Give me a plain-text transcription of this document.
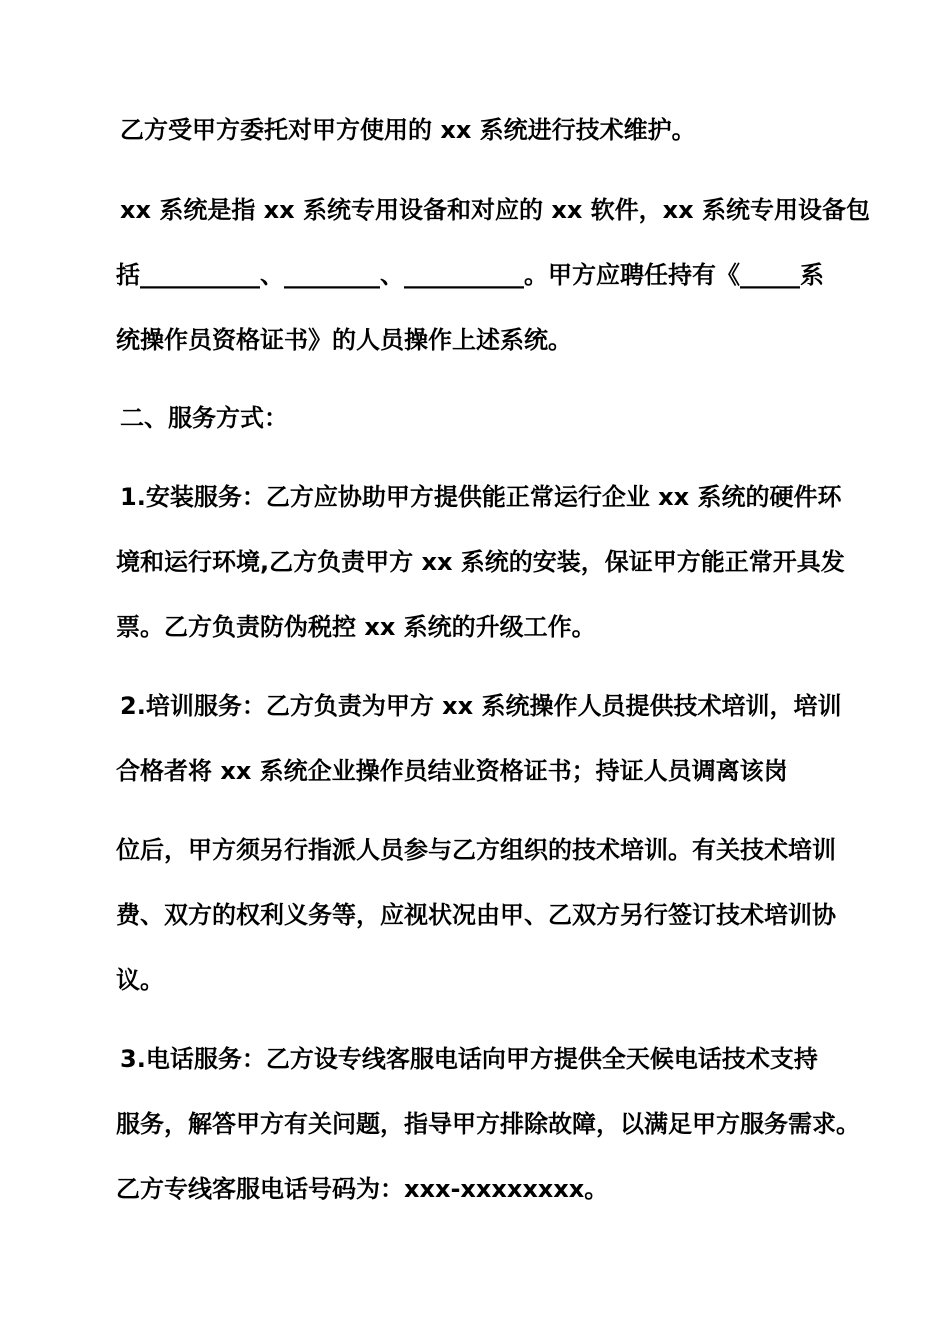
乙方受甲方委托对甲方使用的 xx 系统进行技术维护。
xx 系统是指 xx 系统专用设备和对应的 xx 软件，xx 系统专用设备包
括__________、________、__________。甲方应聘任持有《_____系
统操作员资格证书》的人员操作上述系统。
二、服务方式：
1.安装服务：乙方应协助甲方提供能正常运行企业 xx 系统的硬件环
境和运行环境,乙方负责甲方 xx 系统的安装，保证甲方能正常开具发
票。乙方负责防伪税控 xx 系统的升级工作。
2.培训服务：乙方负责为甲方 xx 系统操作人员提供技术培训，培训
合格者将 xx 系统企业操作员结业资格证书；持证人员调离该岗
位后，甲方须另行指派人员参与乙方组织的技术培训。有关技术培训
费、双方的权利义务等，应视状况由甲、乙双方另行签订技术培训协
议。
3.电话服务：乙方设专线客服电话向甲方提供全天候电话技术支持
服务，解答甲方有关问题，指导甲方排除故障，以满足甲方服务需求。
乙方专线客服电话号码为：xxx-xxxxxxxx。
